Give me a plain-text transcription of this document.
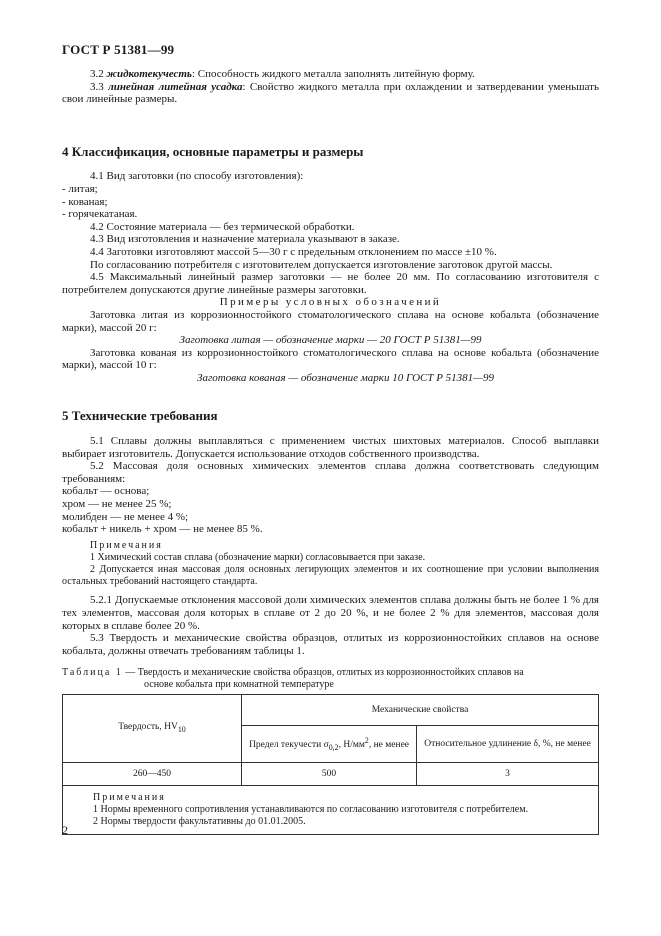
ГОСТ Р 51381—99

3.2 жидкотекучесть: Способность жидкого металла заполнять литейную форму.

3.3 линейная литейная усадка: Свойство жидкого металла при охлаждении и затвердевании уменьшать свои линейные размеры.

4 Классификация, основные параметры и размеры

4.1 Вид заготовки (по способу изготовления):

- литая;

- кованая;

- горячекатаная.

4.2 Состояние материала — без термической обработки.

4.3 Вид изготовления и назначение материала указывают в заказе.

4.4 Заготовки изготовляют массой 5—30 г с предельным отклонением по массе ±10 %.

По согласованию потребителя с изготовителем допускается изготовление заготовок другой массы.

4.5 Максимальный линейный размер заготовки — не более 20 мм. По согласованию изготовителя с потребителем допускаются другие линейные размеры заготовки.

Примеры условных обозначений

Заготовка литая из коррозионностойкого стоматологического сплава на основе кобальта (обозначение марки), массой 20 г:

Заготовка литая — обозначение марки — 20 ГОСТ Р 51381—99

Заготовка кованая из коррозионностойкого стоматологического сплава на основе кобальта (обозначение марки), массой 10 г:

Заготовка кованая — обозначение марки 10 ГОСТ Р 51381—99

5 Технические требования

5.1 Сплавы должны выплавляться с применением чистых шихтовых материалов. Способ выплавки выбирает изготовитель. Допускается использование отходов собственного производства.

5.2 Массовая доля основных химических элементов сплава должна соответствовать следующим требованиям:

кобальт — основа;

хром — не менее 25 %;

молибден — не менее 4 %;

кобальт + никель + хром — не менее 85 %.

Примечания

1 Химический состав сплава (обозначение марки) согласовывается при заказе.

2 Допускается иная массовая доля основных легирующих элементов и их соотношение при условии выполнения остальных требований настоящего стандарта.

5.2.1 Допускаемые отклонения массовой доли химических элементов сплава должны быть не более 1 % для тех элементов, массовая доля которых в сплаве от 2 до 20 %, и не более 2 % для элементов, массовая доля которых в сплаве более 20 %.

5.3 Твердость и механические свойства образцов, отлитых из коррозионностойких сплавов на основе кобальта, должны отвечать требованиям таблицы 1.

Таблица 1 — Твердость и механические свойства образцов, отлитых из коррозионностойких сплавов на
основе кобальта при комнатной температуре
Твердость, $HV_{10}$	Механические свойства	
	Предел текучести $\sigma_{0,2}$, $Н/мм^2$, не менее	Относительное удлинение δ, %, не менее
260—450	500	3

Примечания
1 Нормы временного сопротивления устанавливаются по согласованию изготовителя с потребителем.
2 Нормы твердости факультативны до 01.01.2005.		
2
